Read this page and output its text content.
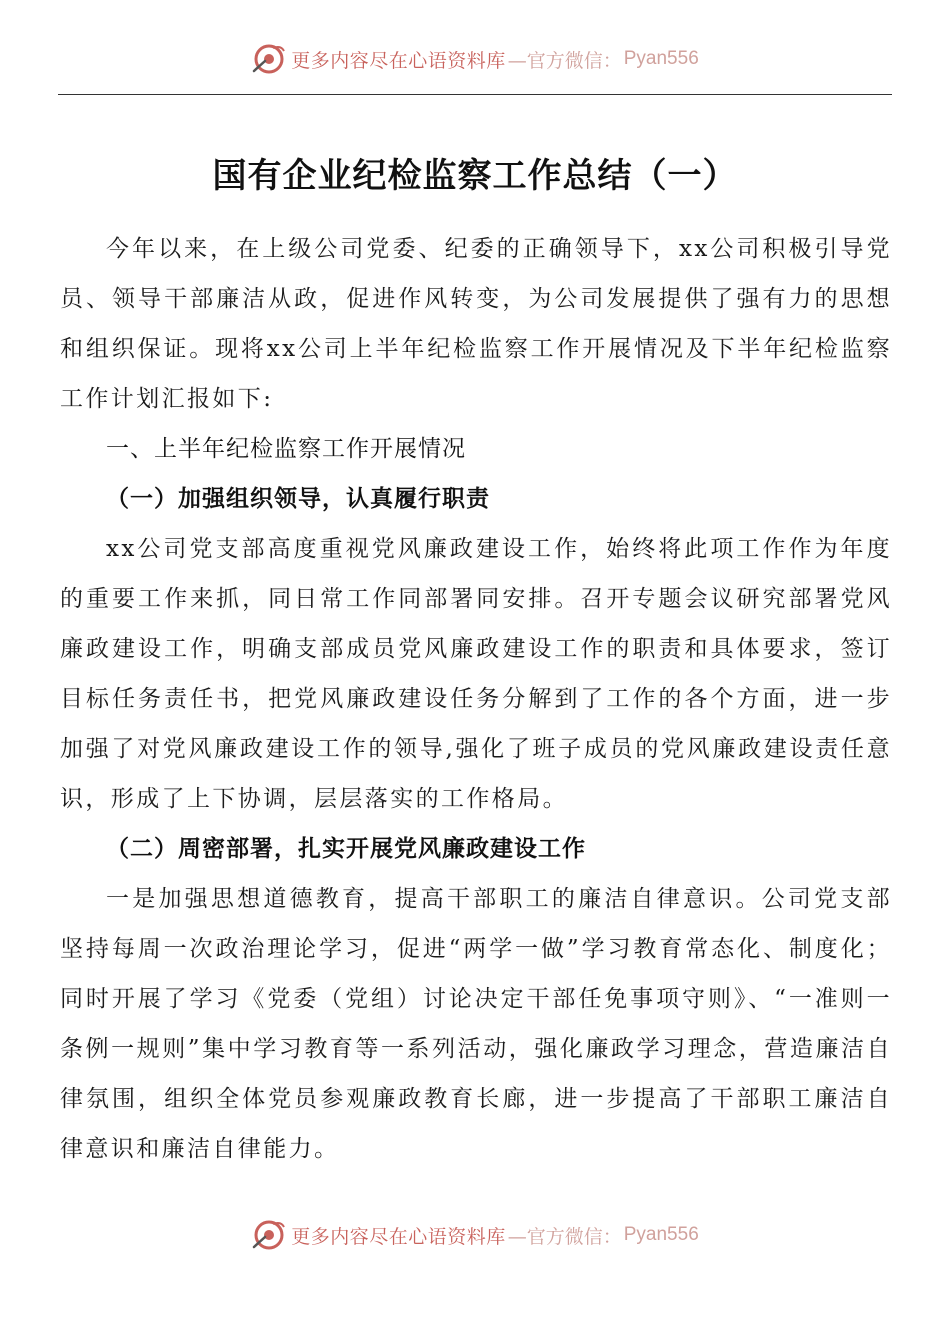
更多内容尽在心语资料库 —官方微信： Pyan556
国有企业纪检监察工作总结（一）

今年以来，在上级公司党委、纪委的正确领导下，xx公司积极引导党员、领导干部廉洁从政，促进作风转变，为公司发展提供了强有力的思想和组织保证。现将xx公司上半年纪检监察工作开展情况及下半年纪检监察工作计划汇报如下:

一、上半年纪检监察工作开展情况

（一）加强组织领导，认真履行职责

xx公司党支部高度重视党风廉政建设工作，始终将此项工作作为年度的重要工作来抓，同日常工作同部署同安排。召开专题会议研究部署党风廉政建设工作，明确支部成员党风廉政建设工作的职责和具体要求，签订目标任务责任书，把党风廉政建设任务分解到了工作的各个方面，进一步加强了对党风廉政建设工作的领导,强化了班子成员的党风廉政建设责任意识，形成了上下协调，层层落实的工作格局。

（二）周密部署，扎实开展党风廉政建设工作

一是加强思想道德教育，提高干部职工的廉洁自律意识。公司党支部坚持每周一次政治理论学习，促进“两学一做”学习教育常态化、制度化；同时开展了学习《党委（党组）讨论决定干部任免事项守则》、“一准则一条例一规则”集中学习教育等一系列活动，强化廉政学习理念，营造廉洁自律氛围，组织全体党员参观廉政教育长廊，进一步提高了干部职工廉洁自律意识和廉洁自律能力。

更多内容尽在心语资料库 —官方微信： Pyan556
